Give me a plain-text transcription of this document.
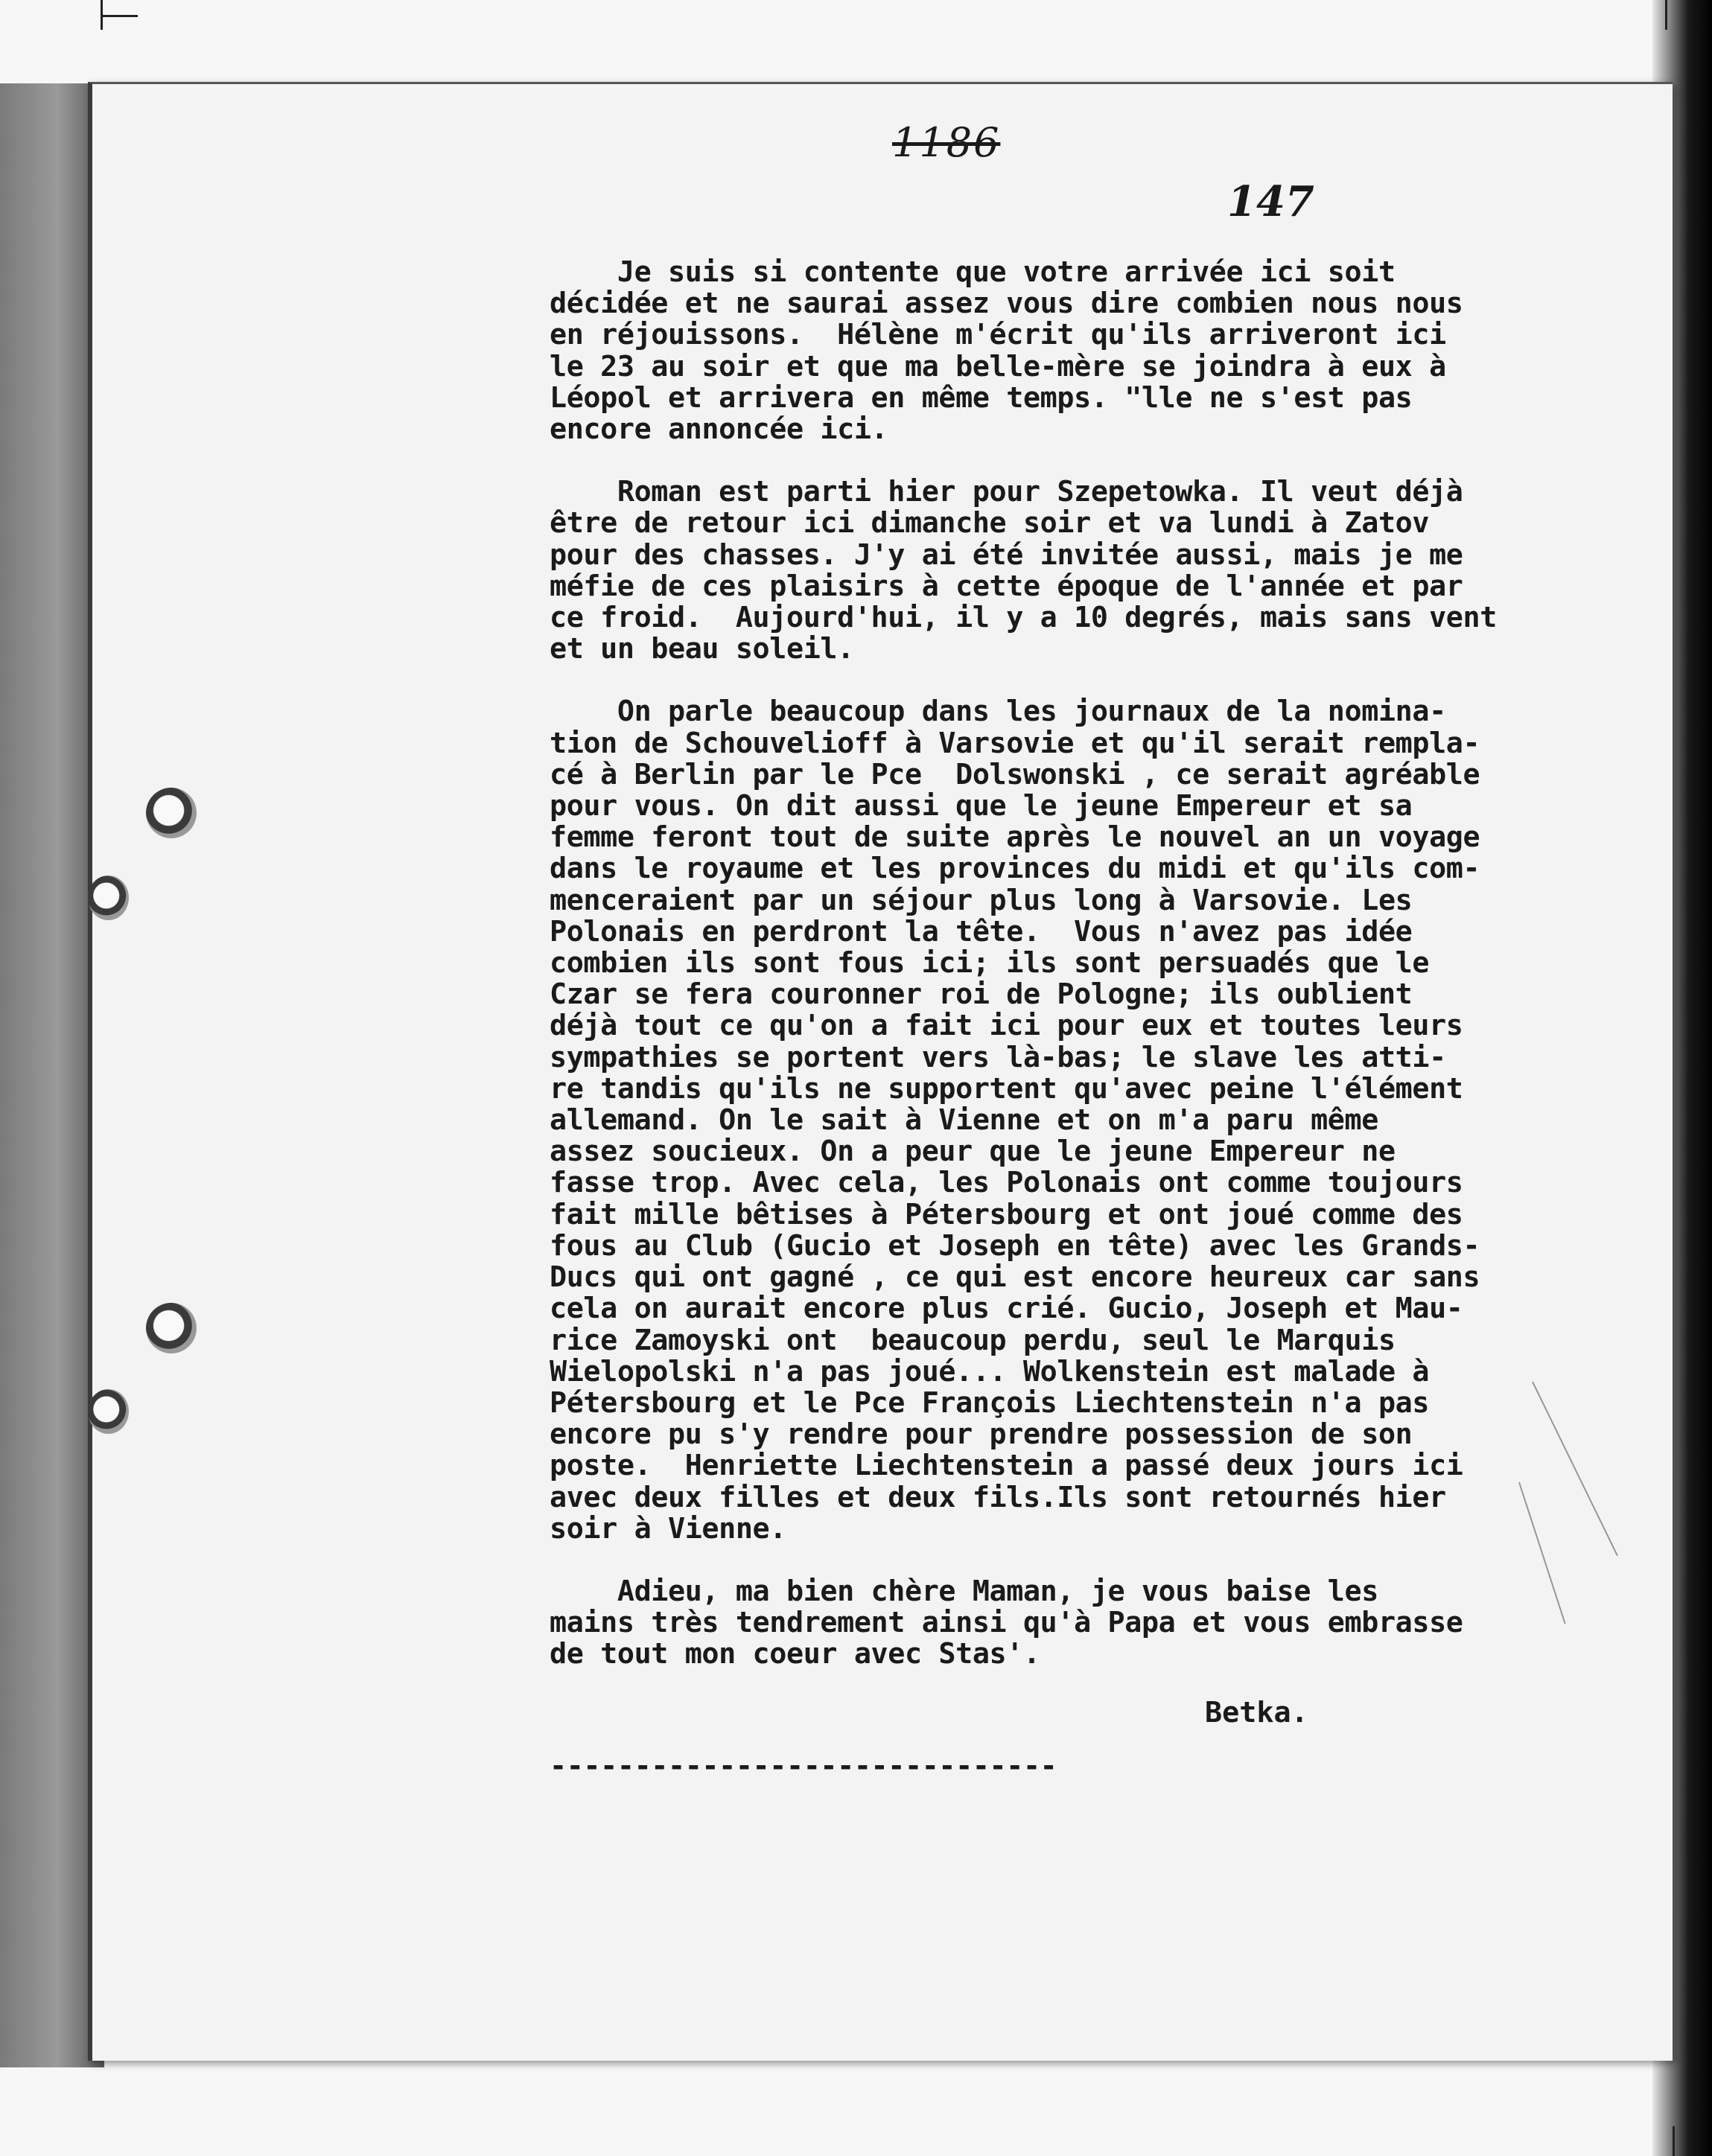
1186
147
Je suis si contente que votre arrivée ici soit
décidée et ne saurai assez vous dire combien nous nous
en réjouissons.  Hélène m'écrit qu'ils arriveront ici
le 23 au soir et que ma belle-mère se joindra à eux à
Léopol et arrivera en même temps. "lle ne s'est pas
encore annoncée ici.
Roman est parti hier pour Szepetowka. Il veut déjà
être de retour ici dimanche soir et va lundi à Zatov
pour des chasses. J'y ai été invitée aussi, mais je me
méfie de ces plaisirs à cette époque de l'année et par
ce froid.  Aujourd'hui, il y a 10 degrés, mais sans vent
et un beau soleil.
On parle beaucoup dans les journaux de la nomina-
tion de Schouvelioff à Varsovie et qu'il serait rempla-
cé à Berlin par le Pce  Dolswonski , ce serait agréable
pour vous. On dit aussi que le jeune Empereur et sa
femme feront tout de suite après le nouvel an un voyage
dans le royaume et les provinces du midi et qu'ils com-
menceraient par un séjour plus long à Varsovie. Les
Polonais en perdront la tête.  Vous n'avez pas idée
combien ils sont fous ici; ils sont persuadés que le
Czar se fera couronner roi de Pologne; ils oublient
déjà tout ce qu'on a fait ici pour eux et toutes leurs
sympathies se portent vers là-bas; le slave les atti-
re tandis qu'ils ne supportent qu'avec peine l'élément
allemand. On le sait à Vienne et on m'a paru même
assez soucieux. On a peur que le jeune Empereur ne
fasse trop. Avec cela, les Polonais ont comme toujours
fait mille bêtises à Pétersbourg et ont joué comme des
fous au Club (Gucio et Joseph en tête) avec les Grands-
Ducs qui ont gagné , ce qui est encore heureux car sans
cela on aurait encore plus crié. Gucio, Joseph et Mau-
rice Zamoyski ont  beaucoup perdu, seul le Marquis
Wielopolski n'a pas joué... Wolkenstein est malade à
Pétersbourg et le Pce François Liechtenstein n'a pas
encore pu s'y rendre pour prendre possession de son
poste.  Henriette Liechtenstein a passé deux jours ici
avec deux filles et deux fils.Ils sont retournés hier
soir à Vienne.
Adieu, ma bien chère Maman, je vous baise les
mains très tendrement ainsi qu'à Papa et vous embrasse
de tout mon coeur avec Stas'.
Betka.
------------------------------
